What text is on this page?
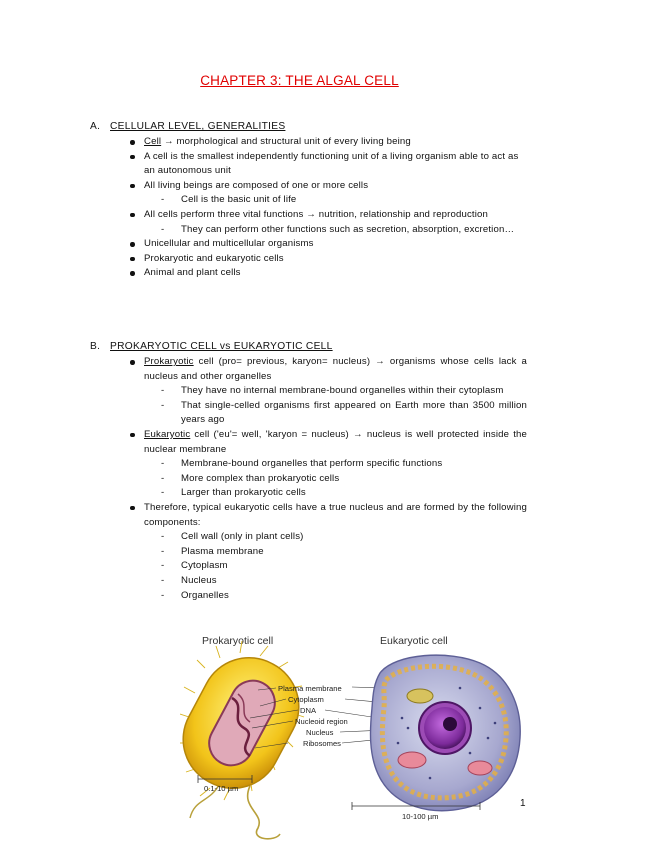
CHAPTER 3: THE ALGAL CELL
A. CELLULAR LEVEL, GENERALITIES
Cell → morphological and structural unit of every living being
A cell is the smallest independently functioning unit of a living organism able to act as an autonomous unit
All living beings are composed of one or more cells
- Cell is the basic unit of life
All cells perform three vital functions → nutrition, relationship and reproduction
- They can perform other functions such as secretion, absorption, excretion…
Unicellular and multicellular organisms
Prokaryotic and eukaryotic cells
Animal and plant cells
B. PROKARYOTIC CELL vs EUKARYOTIC CELL
Prokaryotic cell (pro= previous, karyon= nucleus) → organisms whose cells lack a nucleus and other organelles
- They have no internal membrane-bound organelles within their cytoplasm
- That single-celled organisms first appeared on Earth more than 3500 million years ago
Eukaryotic cell ('eu'= well, 'karyon = nucleus) → nucleus is well protected inside the nuclear membrane
- Membrane-bound organelles that perform specific functions
- More complex than prokaryotic cells
- Larger than prokaryotic cells
Therefore, typical eukaryotic cells have a true nucleus and are formed by the following components:
- Cell wall (only in plant cells)
- Plasma membrane
- Cytoplasm
- Nucleus
- Organelles
Prokaryotic cell	Eukaryotic cell
Plasma membrane
Cytoplasm
DNA
Nucleoid region
Nucleus
Ribosomes
0.1-10 µm
10-100 µm
1
